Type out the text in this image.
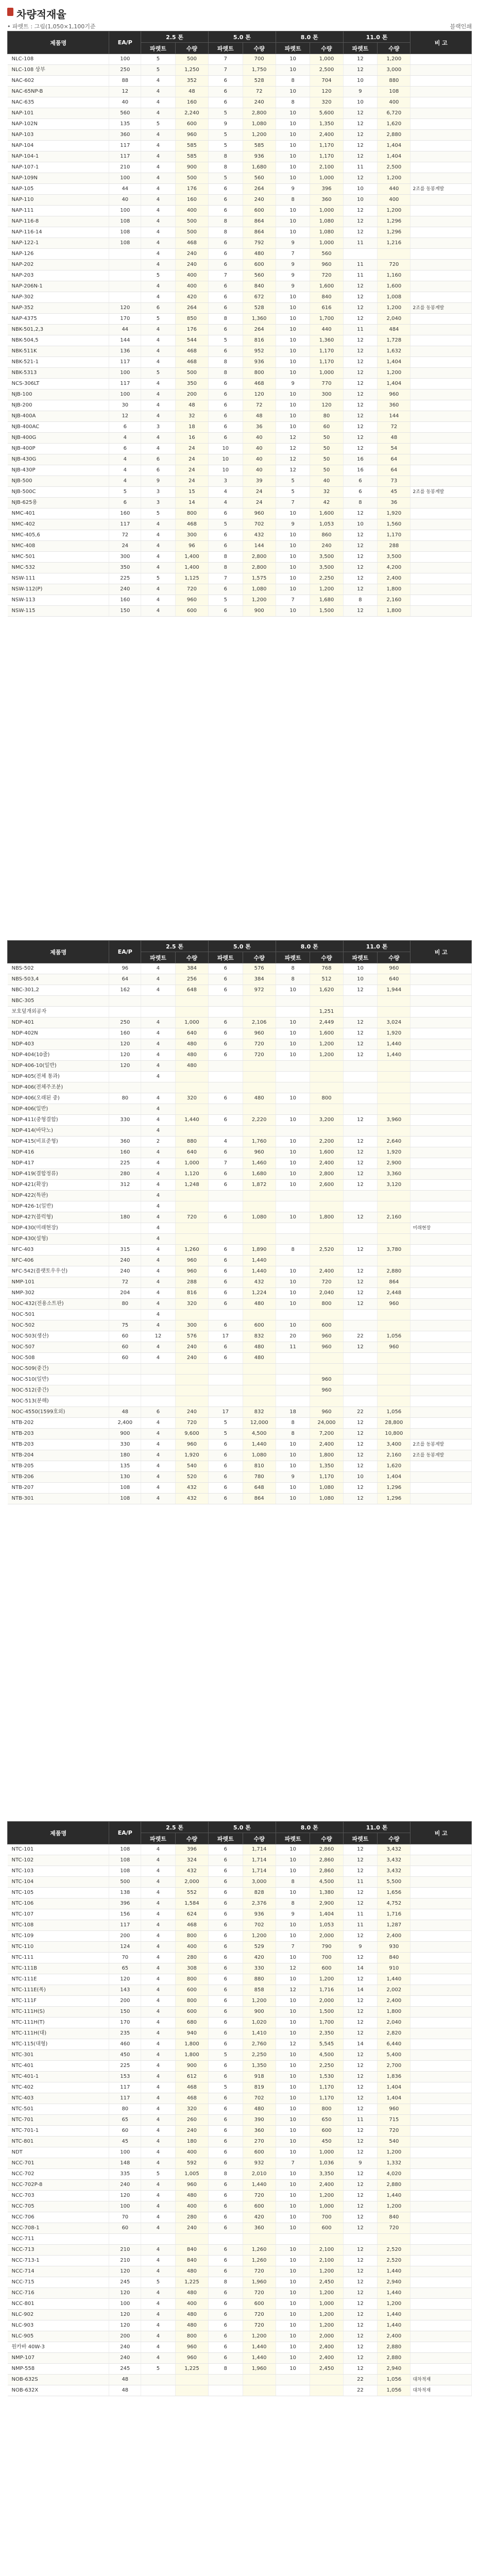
차량적재율
• 파렛트 : 그림(1,050×1,100기준	블랙인쇄
제품명	EA/P	2.5 톤		5.0 톤		8.0 톤		11.0 톤		비 고
		파렛트	수량	파렛트	수량	파렛트	수량	파렛트	수량	
NLC-108	100	5	500	7	700	10	1,000	12	1,200	
NLC-108 상부	250	5	1,250	7	1,750	10	2,500	12	3,000	
NAC-602	88	4	352	6	528	8	704	10	880	
NAC-65NP-B	12	4	48	6	72	10	120	9	108	
NAC-635	40	4	160	6	240	8	320	10	400	
NAP-101	560	4	2,240	5	2,800	10	5,600	12	6,720	
NAP-102N	135	5	600	9	1,080	10	1,350	12	1,620	
NAP-103	360	4	960	5	1,200	10	2,400	12	2,880	
NAP-104	117	4	585	5	585	10	1,170	12	1,404	
NAP-104-1	117	4	585	8	936	10	1,170	12	1,404	
NAP-107-1	210	4	900	8	1,680	10	2,100	11	2,500	
NAP-109N	100	4	500	5	560	10	1,000	12	1,200	
NAP-105	44	4	176	6	264	9	396	10	440	2조를 동봉계발
NAP-110	40	4	160	6	240	8	360	10	400	
NAP-111	100	4	400	6	600	10	1,000	12	1,200	
NAP-116-8	108	4	500	8	864	10	1,080	12	1,296	
NAP-116-14	108	4	500	8	864	10	1,080	12	1,296	
NAP-122-1	108	4	468	6	792	9	1,000	11	1,216	
NAP-126		4	240	6	480	7	560			
NAP-202		4	240	6	600	9	960	11	720	
NAP-203		5	400	7	560	9	720	11	1,160	
NAP-206N-1		4	400	6	840	9	1,600	12	1,600	
NAP-302		4	420	6	672	10	840	12	1,008	
NAP-352	120	6	264	6	528	10	616	12	1,200	2조를 동봉계발
NAP-4375	170	5	850	8	1,360	10	1,700	12	2,040	
NBK-501,2,3	44	4	176	6	264	10	440	11	484	
NBK-504,5	144	4	544	5	816	10	1,360	12	1,728	
NBK-511K	136	4	468	6	952	10	1,170	12	1,632	
NBK-521-1	117	4	468	8	936	10	1,170	12	1,404	
NBK-5313	100	5	500	8	800	10	1,000	12	1,200	
NCS-306LT	117	4	350	6	468	9	770	12	1,404	
NJB-100	100	4	200	6	120	10	300	12	960	
NJB-200	30	4	48	6	72	10	120	12	360	
NJB-400A	12	4	32	6	48	10	80	12	144	
NJB-400AC	6	3	18	6	36	10	60	12	72	
NJB-400G	4	4	16	6	40	12	50	12	48	
NJB-400P	6	4	24	10	40	12	50	12	54	
NJB-430G	4	6	24	10	40	12	50	16	64	
NJB-430P	4	6	24	10	40	12	50	16	64	
NJB-500	4	9	24	3	39	5	40	6	73	
NJB-500C	5	3	15	4	24	5	32	6	45	2조를 동봉계발
NJB-625용	6	3	14	4	24	7	42	8	36	
NMC-401	160	5	800	6	960	10	1,600	12	1,920	
NMC-402	117	4	468	5	702	9	1,053	10	1,560	
NMC-405,6	72	4	300	6	432	10	860	12	1,170	
NMC-408	24	4	96	6	144	10	240	12	288	
NMC-501	300	4	1,400	8	2,800	10	3,500	12	3,500	
NMC-532	350	4	1,400	8	2,800	10	3,500	12	4,200	
NSW-111	225	5	1,125	7	1,575	10	2,250	12	2,400	
NSW-112(P)	240	4	720	6	1,080	10	1,200	12	1,800	
NSW-113	160	4	960	5	1,200	7	1,680	8	2,160	
NSW-115	150	4	600	6	900	10	1,500	12	1,800	
제품명	EA/P	2.5 톤		5.0 톤		8.0 톤		11.0 톤		비 고
		파렛트	수량	파렛트	수량	파렛트	수량	파렛트	수량	
NBS-502	96	4	384	6	576	8	768	10	960	
NBS-503,4	64	4	256	6	384	8	512	10	640	
NBC-301,2	162	4	648	6	972	10	1,620	12	1,944	
NBC-305										
보호덮개외공자							1,251			
NDP-401	250	4	1,000	6	2,106	10	2,449	12	3,024	
NDP-402N	160	4	640	6	960	10	1,600	12	1,920	
NDP-403	120	4	480	6	720	10	1,200	12	1,440	
NDP-404(10줄)	120	4	480	6	720	10	1,200	12	1,440	
NDP-406-10(일반)	120	4	480							
NDP-405(전체 통과)		4								
NDP-406(전체주조분)										
NDP-406(오래된 중)	80	4	320	6	480	10	800			
NDP-406(일반)		4								
NDP-411(중형결합)	330	4	1,440	6	2,220	10	3,200	12	3,960	
NDP-414(바닥노)		4								
NDP-415(비표준형)	360	2	880	4	1,760	10	2,200	12	2,640	
NDP-416	160	4	640	6	960	10	1,600	12	1,920	
NDP-417	225	4	1,000	7	1,460	10	2,400	12	2,900	
NDP-419(결합정류)	280	4	1,120	6	1,680	10	2,800	12	3,360	
NDP-421(확장)	312	4	1,248	6	1,872	10	2,600	12	3,120	
NDP-422(특판)		4								
NDP-426-1(일반)		4								
NDP-427(블럭형)	180	4	720	6	1,080	10	1,800	12	2,160	
NDP-430(미래현장)		4								미래현장
NDP-430(설형)		4								
NFC-403	315	4	1,260	6	1,890	8	2,520	12	3,780	
NFC-406	240	4	960	6	1,440					
NFC-542(플랫토우우선)	240	4	960	6	1,440	10	2,400	12	2,880	
NMP-101	72	4	288	6	432	10	720	12	864	
NMP-302	204	4	816	6	1,224	10	2,040	12	2,448	
NOC-432(전용소트판)	80	4	320	6	480	10	800	12	960	
NOC-501		4								
NOC-502	75	4	300	6	600	10	600			
NOC-503(생산)	60	12	576	17	832	20	960	22	1,056	
NOC-507	60	4	240	6	480	11	960	12	960	
NOC-508	60	4	240	6	480					
NOC-509(중간)										
NOC-510(일반)							960			
NOC-512(중간)							960			
NOC-513(분해)										
NOC-4550(1599호외)	48	6	240	17	832	18	960	22	1,056	
NTB-202	2,400	4	720	5	12,000	8	24,000	12	28,800	
NTB-203	900	4	9,600	5	4,500	8	7,200	12	10,800	
NTB-203	330	4	960	6	1,440	10	2,400	12	3,400	2조를 동봉계발
NTB-204	180	4	1,920	6	1,080	10	1,800	12	2,160	2조를 동봉계발
NTB-205	135	4	540	6	810	10	1,350	12	1,620	
NTB-206	130	4	520	6	780	9	1,170	10	1,404	
NTB-207	108	4	432	6	648	10	1,080	12	1,296	
NTB-301	108	4	432	6	864	10	1,080	12	1,296	
제품명	EA/P	2.5 톤		5.0 톤		8.0 톤		11.0 톤		비 고
		파렛트	수량	파렛트	수량	파렛트	수량	파렛트	수량	
NTC-101	108	4	396	6	1,714	10	2,860	12	3,432	
NTC-102	108	4	324	6	1,714	10	2,860	12	3,432	
NTC-103	108	4	432	6	1,714	10	2,860	12	3,432	
NTC-104	500	4	2,000	6	3,000	8	4,500	11	5,500	
NTC-105	138	4	552	6	828	10	1,380	12	1,656	
NTC-106	396	4	1,584	6	2,376	8	2,900	12	4,752	
NTC-107	156	4	624	6	936	9	1,404	11	1,716	
NTC-108	117	4	468	6	702	10	1,053	11	1,287	
NTC-109	200	4	800	6	1,200	10	2,000	12	2,400	
NTC-110	124	4	400	6	529	7	790	9	930	
NTC-111	70	4	280	6	420	10	700	12	840	
NTC-111B	65	4	308	6	330	12	600	14	910	
NTC-111E	120	4	800	6	880	10	1,200	12	1,440	
NTC-111E(폭)	143	4	600	6	858	12	1,716	14	2,002	
NTC-111F	200	4	800	6	1,200	10	2,000	12	2,400	
NTC-111H(S)	150	4	600	6	900	10	1,500	12	1,800	
NTC-111H(T)	170	4	680	6	1,020	10	1,700	12	2,040	
NTC-111H(대)	235	4	940	6	1,410	10	2,350	12	2,820	
NTC-115(대형)	460	4	1,800	6	2,760	12	5,545	14	6,440	
NTC-301	450	4	1,800	5	2,250	10	4,500	12	5,400	
NTC-401	225	4	900	6	1,350	10	2,250	12	2,700	
NTC-401-1	153	4	612	6	918	10	1,530	12	1,836	
NTC-402	117	4	468	5	819	10	1,170	12	1,404	
NTC-403	117	4	468	6	702	10	1,170	12	1,404	
NTC-501	80	4	320	6	480	10	800	12	960	
NTC-701	65	4	260	6	390	10	650	11	715	
NTC-701-1	60	4	240	6	360	10	600	12	720	
NTC-801	45	4	180	6	270	10	450	12	540	
NDT	100	4	400	6	600	10	1,000	12	1,200	
NCC-701	148	4	592	6	932	7	1,036	9	1,332	
NCC-702	335	5	1,005	8	2,010	10	3,350	12	4,020	
NCC-702P-8	240	4	960	6	1,440	10	2,400	12	2,880	
NCC-703	120	4	480	6	720	10	1,200	12	1,440	
NCC-705	100	4	400	6	600	10	1,000	12	1,200	
NCC-706	70	4	280	6	420	10	700	12	840	
NCC-708-1	60	4	240	6	360	10	600	12	720	
NCC-711										
NCC-713	210	4	840	6	1,260	10	2,100	12	2,520	
NCC-713-1	210	4	840	6	1,260	10	2,100	12	2,520	
NCC-714	120	4	480	6	720	10	1,200	12	1,440	
NCC-715	245	5	1,225	8	1,960	10	2,450	12	2,940	
NCC-716	120	4	480	6	720	10	1,200	12	1,440	
NCC-801	100	4	400	6	600	10	1,000	12	1,200	
NLC-902	120	4	480	6	720	10	1,200	12	1,440	
NLC-903	120	4	480	6	720	10	1,200	12	1,440	
NLC-905	200	4	800	6	1,200	10	2,000	12	2,400	
원카바 40W-3	240	4	960	6	1,440	10	2,400	12	2,880	
NMP-107	240	4	960	6	1,440	10	2,400	12	2,880	
NMP-558	245	5	1,225	8	1,960	10	2,450	12	2,940	
NOB-632S	48							22	1,056	대차적재
NOB-632X	48							22	1,056	대차적재
